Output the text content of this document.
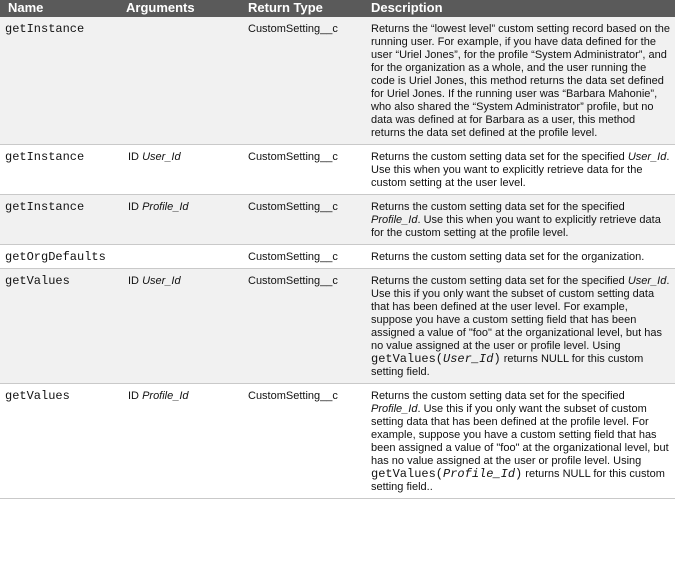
Name	Arguments	Return Type	Description
getInstance		CustomSetting__c	Returns the “lowest level” custom setting record based on the running user. For example, if you have data defined for the user “Uriel Jones”, for the profile “System Administrator”, and for the organization as a whole, and the user running the code is Uriel Jones, this method returns the data set defined for Uriel Jones. If the running user was “Barbara Mahonie”, who also shared the “System Administrator” profile, but no data was defined at for Barbara as a user, this method returns the data set defined at the profile level.
getInstance	ID User_Id	CustomSetting__c	Returns the custom setting data set for the specified User_Id. Use this when you want to explicitly retrieve data for the custom setting at the user level.
getInstance	ID Profile_Id	CustomSetting__c	Returns the custom setting data set for the specified Profile_Id. Use this when you want to explicitly retrieve data for the custom setting at the profile level.
getOrgDefaults		CustomSetting__c	Returns the custom setting data set for the organization.
getValues	ID User_Id	CustomSetting__c	Returns the custom setting data set for the specified User_Id. Use this if you only want the subset of custom setting data that has been defined at the user level. For example, suppose you have a custom setting field that has been assigned a value of "foo" at the organizational level, but has no value assigned at the user or profile level. Using getValues(User_Id) returns NULL for this custom setting field.
getValues	ID Profile_Id	CustomSetting__c	Returns the custom setting data set for the specified Profile_Id. Use this if you only want the subset of custom setting data that has been defined at the profile level. For example, suppose you have a custom setting field that has been assigned a value of "foo" at the organizational level, but has no value assigned at the user or profile level. Using getValues(Profile_Id) returns NULL for this custom setting field..
